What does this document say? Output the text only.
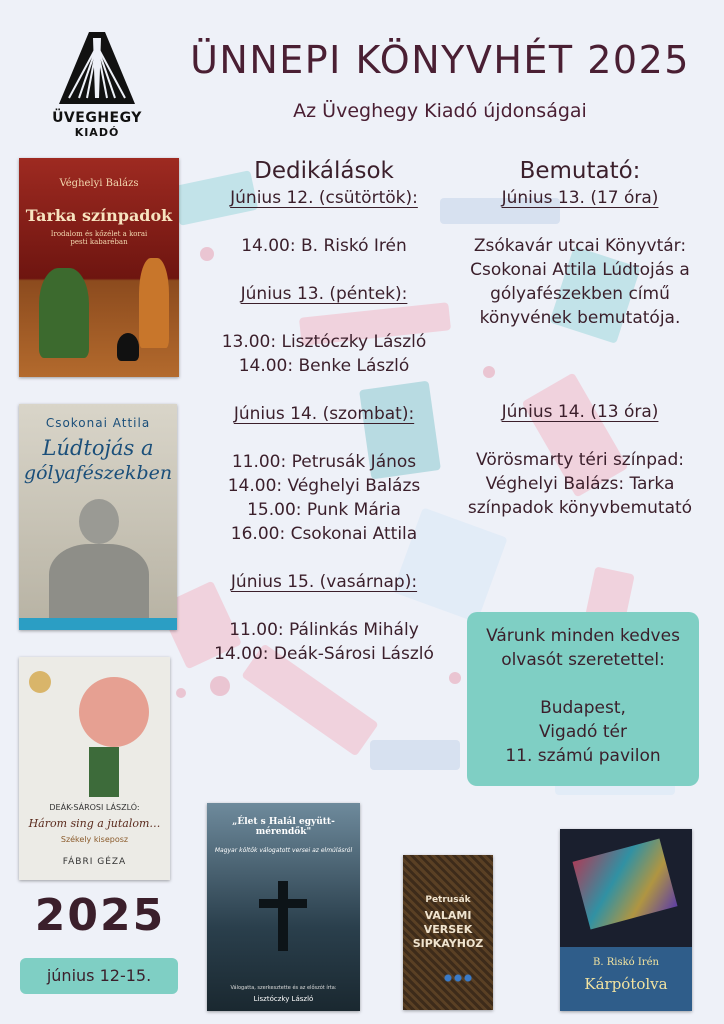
ÜVEGHEGY
KIADÓ
ÜNNEPI KÖNYVHÉT 2025
Az Üveghegy Kiadó újdonságai
Véghelyi Balázs
Tarka színpadok
Irodalom és kőzélet a korai pesti kabaréban
Csokonai Attila
Lúdtojás a
gólyafészekben
DEÁK-SÁROSI LÁSZLÓ:
Három sing a jutalom…
Székely kiseposz
FÁBRI GÉZA
„Élet s Halál együtt-mérendők"
Magyar költők válogatott versei az elmúlásról
Válogatta, szerkesztette és az előszót írta:
Lisztóczky László
Petrusák
VALAMI
VERSEK
SIPKAYHOZ
B. Riskó Irén
Kárpótolva
Dedikálások
Június 12. (csütörtök):
14.00: B. Riskó Irén
Június 13. (péntek):
13.00: Lisztóczky László
14.00: Benke László
Június 14. (szombat):
11.00: Petrusák János
14.00: Véghelyi Balázs
15.00: Punk Mária
16.00: Csokonai Attila
Június 15. (vasárnap):
11.00: Pálinkás Mihály
14.00: Deák-Sárosi László
Bemutató:
Június 13. (17 óra)
Zsókavár utcai Könyvtár:
Csokonai Attila Lúdtojás a
gólyafészekben című
könyvének bemutatója.
Június 14. (13 óra)
Vörösmarty téri színpad:
Véghelyi Balázs: Tarka
színpadok könyvbemutató
Várunk minden kedves
olvasót szeretettel:
Budapest,
Vigadó tér
11. számú pavilon
2025
június 12-15.
